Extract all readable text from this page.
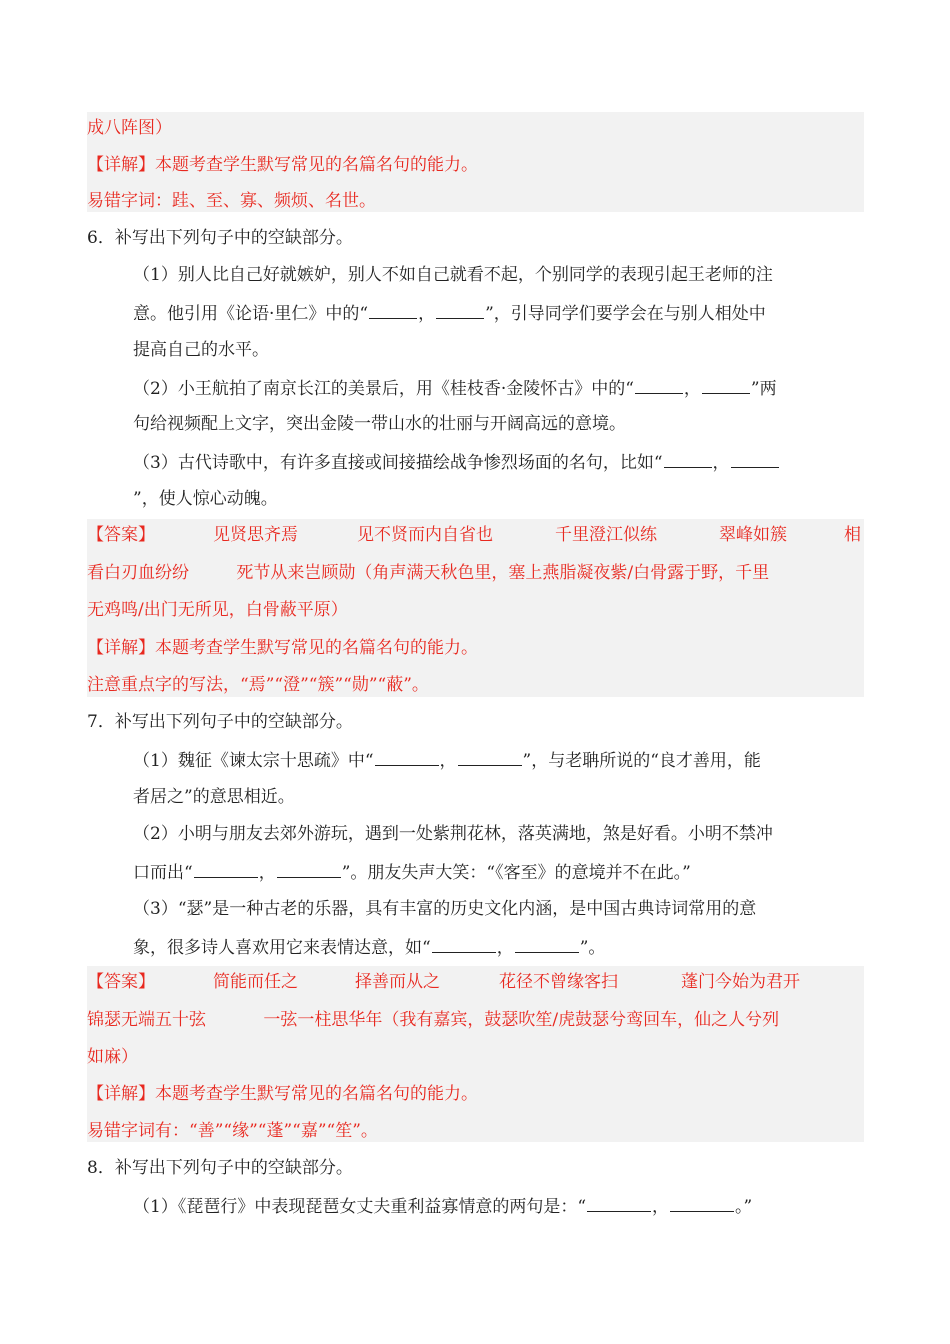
成八阵图）
【详解】本题考查学生默写常见的名篇名句的能力。
易错字词：跬、至、寡、频烦、名世。
6．补写出下列句子中的空缺部分。
（1）别人比自己好就嫉妒，别人不如自己就看不起，个别同学的表现引起王老师的注
意。他引用《论语·里仁》中的“	，	”，引导同学们要学会在与别人相处中
提高自己的水平。
（2）小王航拍了南京长江的美景后，用《桂枝香·金陵怀古》中的“	，	”两
句给视频配上文字，突出金陵一带山水的壮丽与开阔高远的意境。
（3）古代诗歌中，有许多直接或间接描绘战争惨烈场面的名句，比如“	，
”，使人惊心动魄。
【答案】	见贤思齐焉	见不贤而内自省也	千里澄江似练	翠峰如簇	相
看白刃血纷纷	死节从来岂顾勋（角声满天秋色里，塞上燕脂凝夜紫/白骨露于野，千里
无鸡鸣/出门无所见，白骨蔽平原）
【详解】本题考查学生默写常见的名篇名句的能力。
注意重点字的写法，“焉”“澄”“簇”“勋”“蔽”。
7．补写出下列句子中的空缺部分。
（1）魏征《谏太宗十思疏》中“	，	”，与老聃所说的“良才善用，能
者居之”的意思相近。
（2）小明与朋友去郊外游玩，遇到一处紫荆花林，落英满地，煞是好看。小明不禁冲
口而出“	，	”。朋友失声大笑：“《客至》的意境并不在此。”
（3）“瑟”是一种古老的乐器，具有丰富的历史文化内涵，是中国古典诗词常用的意
象，很多诗人喜欢用它来表情达意，如“	，	”。
【答案】	简能而任之	择善而从之	花径不曾缘客扫	蓬门今始为君开
锦瑟无端五十弦	一弦一柱思华年（我有嘉宾，鼓瑟吹笙/虎鼓瑟兮鸾回车，仙之人兮列
如麻）
【详解】本题考查学生默写常见的名篇名句的能力。
易错字词有：“善”“缘”“蓬”“嘉”“笙”。
8．补写出下列句子中的空缺部分。
（1）《琵琶行》中表现琵琶女丈夫重利益寡情意的两句是：“	，	。”
